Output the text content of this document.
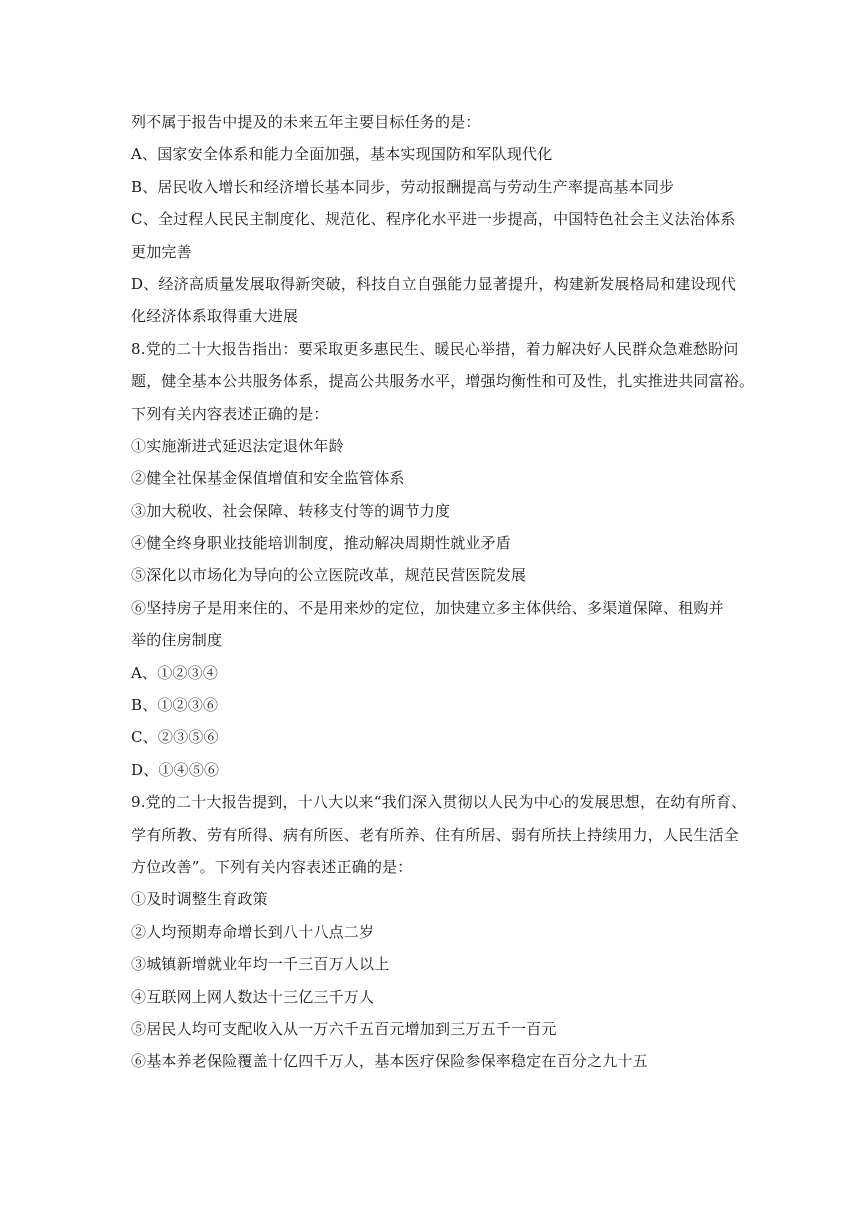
列不属于报告中提及的未来五年主要目标任务的是：
A、国家安全体系和能力全面加强，基本实现国防和军队现代化
B、居民收入增长和经济增长基本同步，劳动报酬提高与劳动生产率提高基本同步
C、全过程人民民主制度化、规范化、程序化水平进一步提高，中国特色社会主义法治体系
更加完善
D、经济高质量发展取得新突破，科技自立自强能力显著提升，构建新发展格局和建设现代
化经济体系取得重大进展
8.党的二十大报告指出：要采取更多惠民生、暖民心举措，着力解决好人民群众急难愁盼问
题，健全基本公共服务体系，提高公共服务水平，增强均衡性和可及性，扎实推进共同富裕。
下列有关内容表述正确的是：
①实施渐进式延迟法定退休年龄
②健全社保基金保值增值和安全监管体系
③加大税收、社会保障、转移支付等的调节力度
④健全终身职业技能培训制度，推动解决周期性就业矛盾
⑤深化以市场化为导向的公立医院改革，规范民营医院发展
⑥坚持房子是用来住的、不是用来炒的定位，加快建立多主体供给、多渠道保障、租购并
举的住房制度
A、①②③④
B、①②③⑥
C、②③⑤⑥
D、①④⑤⑥
9.党的二十大报告提到，十八大以来“我们深入贯彻以人民为中心的发展思想，在幼有所育、
学有所教、劳有所得、病有所医、老有所养、住有所居、弱有所扶上持续用力，人民生活全
方位改善”。下列有关内容表述正确的是：
①及时调整生育政策
②人均预期寿命增长到八十八点二岁
③城镇新增就业年均一千三百万人以上
④互联网上网人数达十三亿三千万人
⑤居民人均可支配收入从一万六千五百元增加到三万五千一百元
⑥基本养老保险覆盖十亿四千万人，基本医疗保险参保率稳定在百分之九十五
